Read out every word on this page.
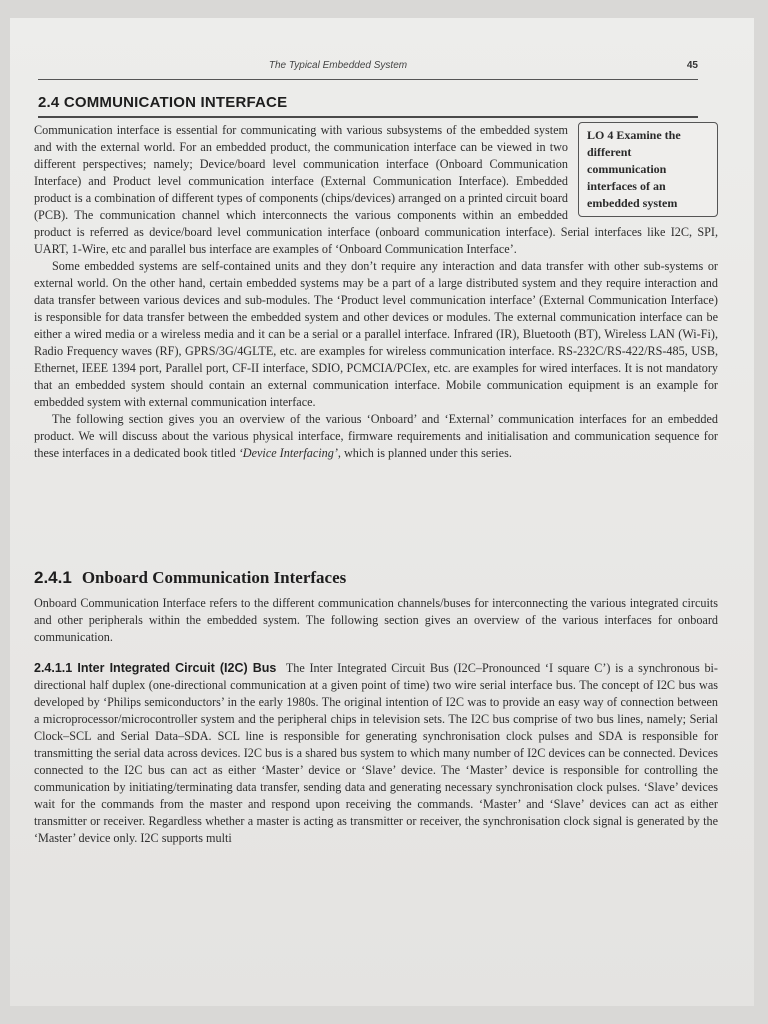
The Typical Embedded System	45
2.4 COMMUNICATION INTERFACE
LO 4 Examine the different communication interfaces of an embedded system

Communication interface is essential for communicating with various subsystems of the embedded system and with the external world. For an embedded product, the communication interface can be viewed in two different perspectives; namely; Device/board level communication interface (Onboard Communication Interface) and Product level communication interface (External Communication Interface). Embedded product is a combination of different types of components (chips/devices) arranged on a printed circuit board (PCB). The communication channel which interconnects the various components within an embedded product is referred as device/board level communication interface (onboard communication interface). Serial interfaces like I2C, SPI, UART, 1-Wire, etc and parallel bus interface are examples of ‘Onboard Communication Interface’.

Some embedded systems are self-contained units and they don’t require any interaction and data transfer with other sub-systems or external world. On the other hand, certain embedded systems may be a part of a large distributed system and they require interaction and data transfer between various devices and sub-modules. The ‘Product level communication interface’ (External Communication Interface) is responsible for data transfer between the embedded system and other devices or modules. The external communication interface can be either a wired media or a wireless media and it can be a serial or a parallel interface. Infrared (IR), Bluetooth (BT), Wireless LAN (Wi-Fi), Radio Frequency waves (RF), GPRS/3G/4GLTE, etc. are examples for wireless communication interface. RS-232C/RS-422/RS-485, USB, Ethernet, IEEE 1394 port, Parallel port, CF-II interface, SDIO, PCMCIA/PCIex, etc. are examples for wired interfaces. It is not mandatory that an embedded system should contain an external communication interface. Mobile communication equipment is an example for embedded system with external communication interface.

The following section gives you an overview of the various ‘Onboard’ and ‘External’ communication interfaces for an embedded product. We will discuss about the various physical interface, firmware requirements and initialisation and communication sequence for these interfaces in a dedicated book titled ‘Device Interfacing’, which is planned under this series.

2.4.1 Onboard Communication Interfaces

Onboard Communication Interface refers to the different communication channels/buses for interconnecting the various integrated circuits and other peripherals within the embedded system. The following section gives an overview of the various interfaces for onboard communication.

2.4.1.1 Inter Integrated Circuit (I2C) Bus The Inter Integrated Circuit Bus (I2C–Pronounced ‘I square C’) is a synchronous bi-directional half duplex (one-directional communication at a given point of time) two wire serial interface bus. The concept of I2C bus was developed by ‘Philips semiconductors’ in the early 1980s. The original intention of I2C was to provide an easy way of connection between a microprocessor/microcontroller system and the peripheral chips in television sets. The I2C bus comprise of two bus lines, namely; Serial Clock–SCL and Serial Data–SDA. SCL line is responsible for generating synchronisation clock pulses and SDA is responsible for transmitting the serial data across devices. I2C bus is a shared bus system to which many number of I2C devices can be connected. Devices connected to the I2C bus can act as either ‘Master’ device or ‘Slave’ device. The ‘Master’ device is responsible for controlling the communication by initiating/terminating data transfer, sending data and generating necessary synchronisation clock pulses. ‘Slave’ devices wait for the commands from the master and respond upon receiving the commands. ‘Master’ and ‘Slave’ devices can act as either transmitter or receiver. Regardless whether a master is acting as transmitter or receiver, the synchronisation clock signal is generated by the ‘Master’ device only. I2C supports multi
